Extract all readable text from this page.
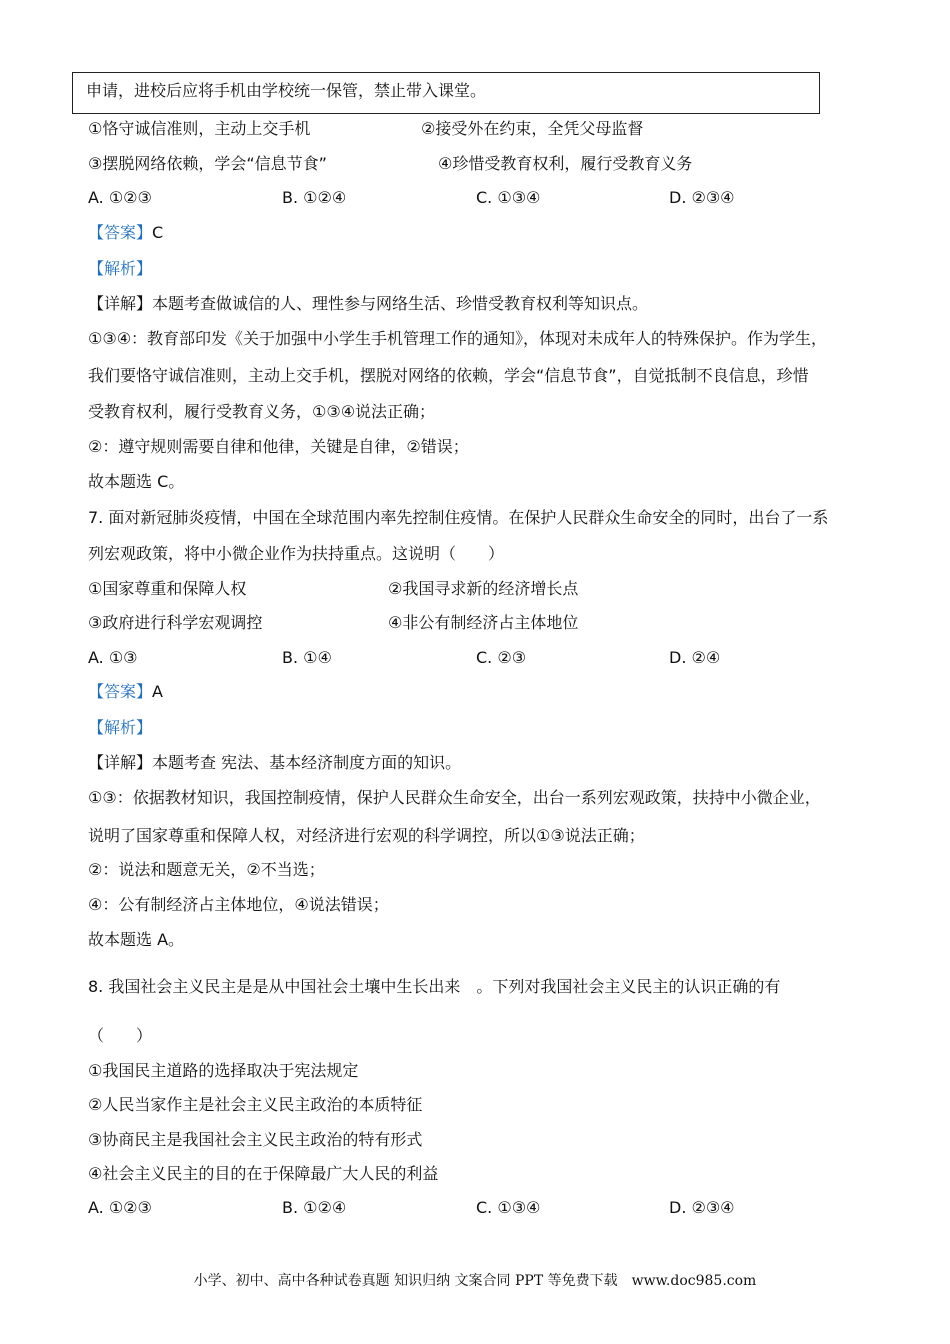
申请，进校后应将手机由学校统一保管，禁止带入课堂。
①恪守诚信准则，主动上交手机	②接受外在约束，全凭父母监督
③摆脱网络依赖，学会“信息节食”	④珍惜受教育权利，履行受教育义务
A. ①②③	B. ①②④	C. ①③④	D. ②③④
【答案】C
【解析】
【详解】本题考查做诚信的人、理性参与网络生活、珍惜受教育权利等知识点。
①③④：教育部印发《关于加强中小学生手机管理工作的通知》，体现对未成年人的特殊保护。作为学生，
我们要恪守诚信准则，主动上交手机，摆脱对网络的依赖，学会“信息节食”，自觉抵制不良信息，珍惜
受教育权利，履行受教育义务，①③④说法正确；
②：遵守规则需要自律和他律，关键是自律，②错误；
故本题选 C。
7. 面对新冠肺炎疫情，中国在全球范围内率先控制住疫情。在保护人民群众生命安全的同时，出台了一系
列宏观政策，将中小微企业作为扶持重点。这说明（　　）
①国家尊重和保障人权	②我国寻求新的经济增长点
③政府进行科学宏观调控	④非公有制经济占主体地位
A. ①③	B. ①④	C. ②③	D. ②④
【答案】A
【解析】
【详解】本题考查 宪法、基本经济制度方面的知识。
①③：依据教材知识，我国控制疫情，保护人民群众生命安全，出台一系列宏观政策，扶持中小微企业，
说明了国家尊重和保障人权，对经济进行宏观的科学调控，所以①③说法正确；
②：说法和题意无关，②不当选；
④：公有制经济占主体地位，④说法错误；
故本题选 A。
8. 我国社会主义民主是是从中国社会土壤中生长出来　。下列对我国社会主义民主的认识正确的有
（　　）
①我国民主道路的选择取决于宪法规定
②人民当家作主是社会主义民主政治的本质特征
③协商民主是我国社会主义民主政治的特有形式
④社会主义民主的目的在于保障最广大人民的利益
A. ①②③	B. ①②④	C. ①③④	D. ②③④
小学、初中、高中各种试卷真题 知识归纳 文案合同 PPT 等免费下载　www.doc985.com
